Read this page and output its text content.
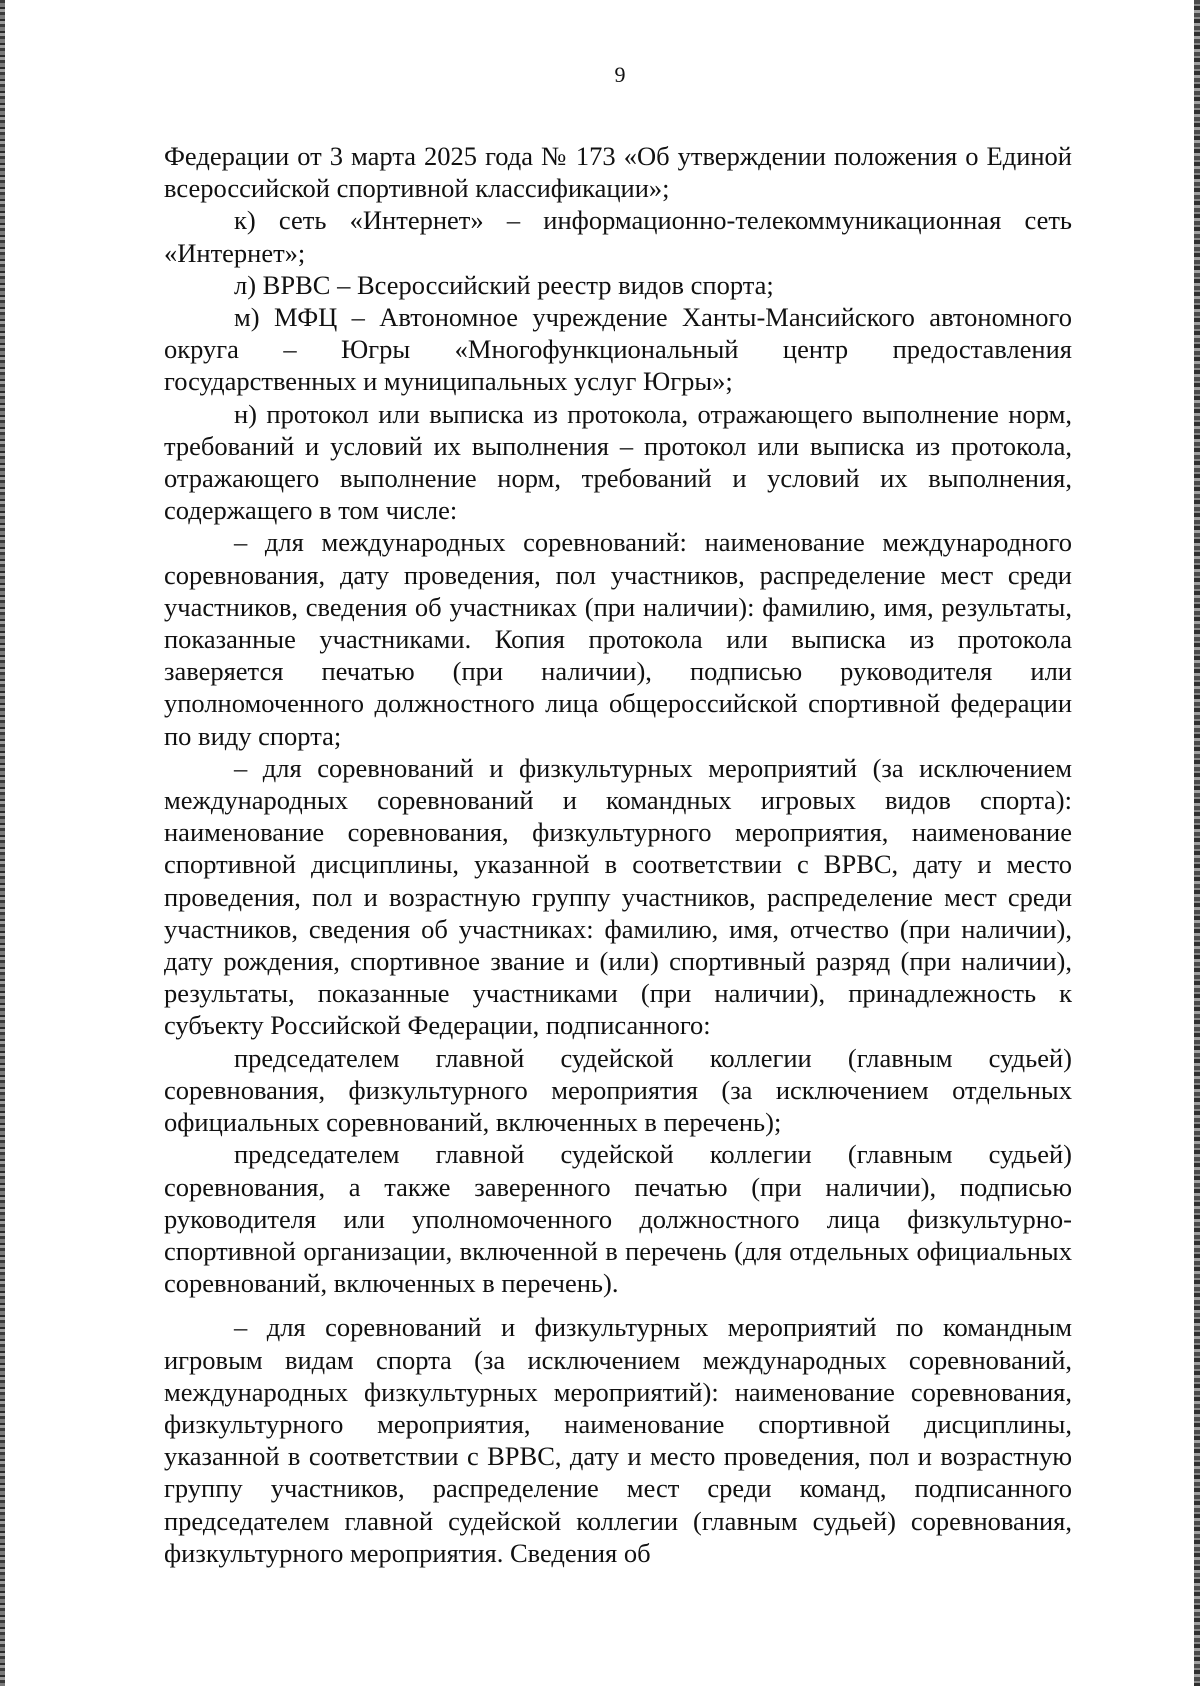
9

Федерации от 3 марта 2025 года № 173 «Об утверждении положения о Единой всероссийской спортивной классификации»;

к) сеть «Интернет» – информационно-телекоммуникационная сеть «Интернет»;

л) ВРВС – Всероссийский реестр видов спорта;

м) МФЦ – Автономное учреждение Ханты-Мансийского автономного округа – Югры «Многофункциональный центр предоставления государственных и муниципальных услуг Югры»;

н) протокол или выписка из протокола, отражающего выполнение норм, требований и условий их выполнения – протокол или выписка из протокола, отражающего выполнение норм, требований и условий их выполнения, содержащего в том числе:

– для международных соревнований: наименование международного соревнования, дату проведения, пол участников, распределение мест среди участников, сведения об участниках (при наличии): фамилию, имя, результаты, показанные участниками. Копия протокола или выписка из протокола заверяется печатью (при наличии), подписью руководителя или уполномоченного должностного лица общероссийской спортивной федерации по виду спорта;

– для соревнований и физкультурных мероприятий (за исключением международных соревнований и командных игровых видов спорта): наименование соревнования, физкультурного мероприятия, наименование спортивной дисциплины, указанной в соответствии с ВРВС, дату и место проведения, пол и возрастную группу участников, распределение мест среди участников, сведения об участниках: фамилию, имя, отчество (при наличии), дату рождения, спортивное звание и (или) спортивный разряд (при наличии), результаты, показанные участниками (при наличии), принадлежность к субъекту Российской Федерации, подписанного:

председателем главной судейской коллегии (главным судьей) соревнования, физкультурного мероприятия (за исключением отдельных официальных соревнований, включенных в перечень);

председателем главной судейской коллегии (главным судьей) соревнования, а также заверенного печатью (при наличии), подписью руководителя или уполномоченного должностного лица физкультурно-спортивной организации, включенной в перечень (для отдельных официальных соревнований, включенных в перечень).

– для соревнований и физкультурных мероприятий по командным игровым видам спорта (за исключением международных соревнований, международных физкультурных мероприятий): наименование соревнования, физкультурного мероприятия, наименование спортивной дисциплины, указанной в соответствии с ВРВС, дату и место проведения, пол и возрастную группу участников, распределение мест среди команд, подписанного председателем главной судейской коллегии (главным судьей) соревнования, физкультурного мероприятия. Сведения об
